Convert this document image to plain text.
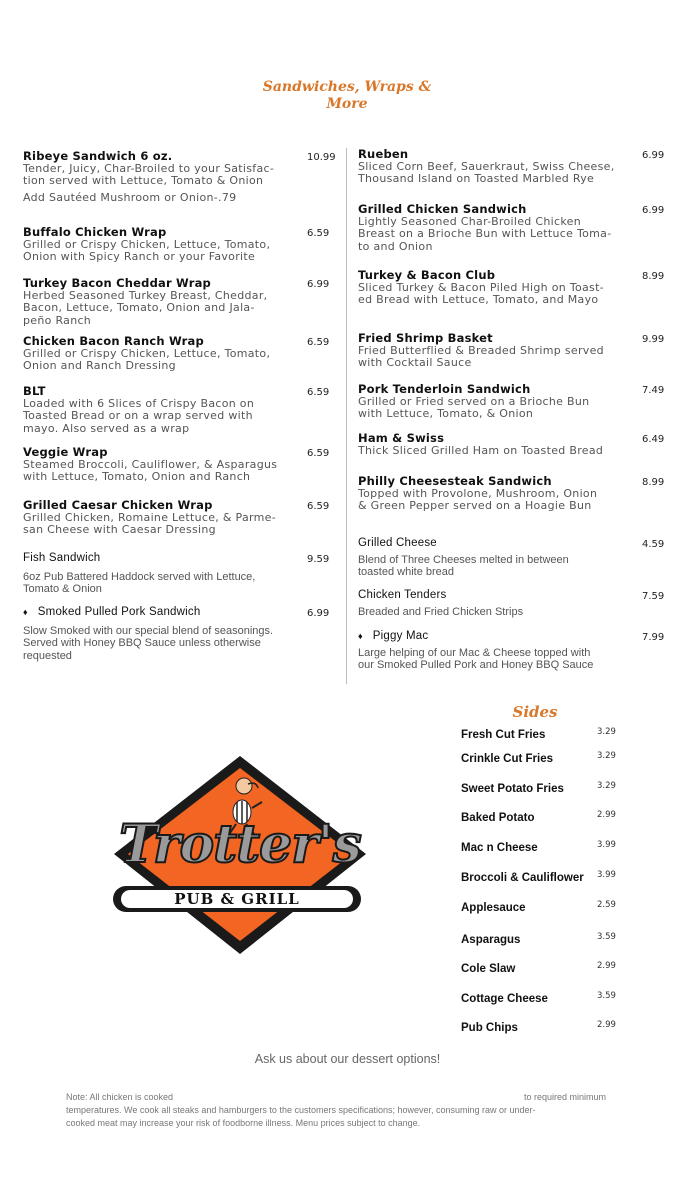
Sandwiches, Wraps & More
Ribeye Sandwich 6 oz.
Tender, Juicy, Char-Broiled to your Satisfac-
tion served with Lettuce, Tomato & Onion
Add Sautéed Mushroom or Onion-.79
10.99
Buffalo Chicken Wrap
Grilled or Crispy Chicken, Lettuce, Tomato,
Onion with Spicy Ranch or your Favorite
6.59
Turkey Bacon Cheddar Wrap
Herbed Seasoned Turkey Breast, Cheddar,
Bacon, Lettuce, Tomato, Onion and Jala-
peño Ranch
6.99
Chicken Bacon Ranch Wrap
Grilled or Crispy Chicken, Lettuce, Tomato,
Onion and Ranch Dressing
6.59
BLT
Loaded with 6 Slices of Crispy Bacon on
Toasted Bread or on a wrap served with
mayo. Also served as a wrap
6.59
Veggie Wrap
Steamed Broccoli, Cauliflower, & Asparagus
with Lettuce, Tomato, Onion and Ranch
6.59
Grilled Caesar Chicken Wrap
Grilled Chicken, Romaine Lettuce, & Parme-
san Cheese with Caesar Dressing
6.59
Fish Sandwich
6oz Pub Battered Haddock served with Lettuce,
Tomato & Onion
9.59
♦ Smoked Pulled Pork Sandwich
Slow Smoked with our special blend of seasonings.
Served with Honey BBQ Sauce unless otherwise
requested
6.99
Rueben
Sliced Corn Beef, Sauerkraut, Swiss Cheese,
Thousand Island on Toasted Marbled Rye
6.99
Grilled Chicken Sandwich
Lightly Seasoned Char-Broiled Chicken
Breast on a Brioche Bun with Lettuce Toma-
to and Onion
6.99
Turkey & Bacon Club
Sliced Turkey & Bacon Piled High on Toast-
ed Bread with Lettuce, Tomato, and Mayo
8.99
Fried Shrimp Basket
Fried Butterflied & Breaded Shrimp served
with Cocktail Sauce
9.99
Pork Tenderloin Sandwich
Grilled or Fried served on a Brioche Bun
with Lettuce, Tomato, & Onion
7.49
Ham & Swiss
Thick Sliced Grilled Ham on Toasted Bread
6.49
Philly Cheesesteak Sandwich
Topped with Provolone, Mushroom, Onion
& Green Pepper served on a Hoagie Bun
8.99
Grilled Cheese
Blend of Three Cheeses melted in between
toasted white bread
4.59
Chicken Tenders
Breaded and Fried Chicken Strips
7.59
♦ Piggy Mac
Large helping of our Mac & Cheese topped with
our Smoked Pulled Pork and Honey BBQ Sauce
7.99
Sides
Fresh Cut Fries	3.29
Crinkle Cut Fries	3.29
Sweet Potato Fries	3.29
Baked Potato	2.99
Mac n Cheese	3.99
Broccoli & Cauliflower 3.99
Applesauce	2.59
Asparagus	3.59
Cole Slaw	2.99
Cottage Cheese	3.59
Pub Chips	2.99
Trotter's
PUB & GRILL
Ask us about our dessert options!
Note: All chicken is cooked	to required minimum
temperatures. We cook all steaks and hamburgers to the customers specifications; however, consuming raw or under-
cooked meat may increase your risk of foodborne illness. Menu prices subject to change.
